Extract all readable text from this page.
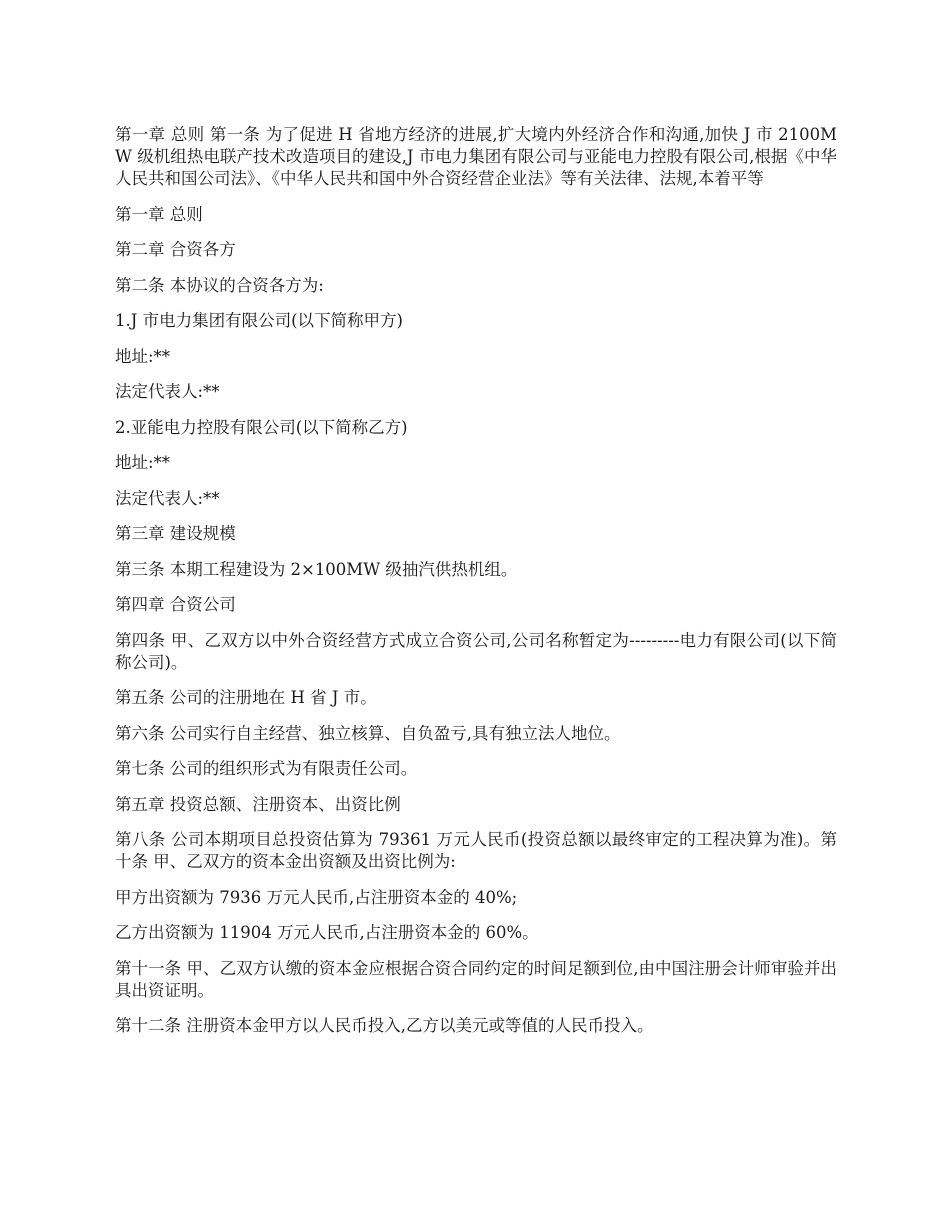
第一章 总则 第一条 为了促进 H 省地方经济的进展,扩大境内外经济合作和沟通,加快 J 市 2100MW 级机组热电联产技术改造项目的建设,J 市电力集团有限公司与亚能电力控股有限公司,根据《中华人民共和国公司法》、《中华人民共和国中外合资经营企业法》等有关法律、法规,本着平等

第一章 总则

第二章 合资各方

第二条 本协议的合资各方为:

1.J 市电力集团有限公司(以下简称甲方)

地址:**

法定代表人:**

2.亚能电力控股有限公司(以下简称乙方)

地址:**

法定代表人:**

第三章 建设规模

第三条 本期工程建设为 2×100MW 级抽汽供热机组。

第四章 合资公司

第四条 甲、乙双方以中外合资经营方式成立合资公司,公司名称暂定为---------电力有限公司(以下简称公司)。

第五条 公司的注册地在 H 省 J 市。

第六条 公司实行自主经营、独立核算、自负盈亏,具有独立法人地位。

第七条 公司的组织形式为有限责任公司。

第五章 投资总额、注册资本、出资比例

第八条 公司本期项目总投资估算为 79361 万元人民币(投资总额以最终审定的工程决算为准)。第十条 甲、乙双方的资本金出资额及出资比例为:

甲方出资额为 7936 万元人民币,占注册资本金的 40%;

乙方出资额为 11904 万元人民币,占注册资本金的 60%。

第十一条 甲、乙双方认缴的资本金应根据合资合同约定的时间足额到位,由中国注册会计师审验并出具出资证明。

第十二条 注册资本金甲方以人民币投入,乙方以美元或等值的人民币投入。
